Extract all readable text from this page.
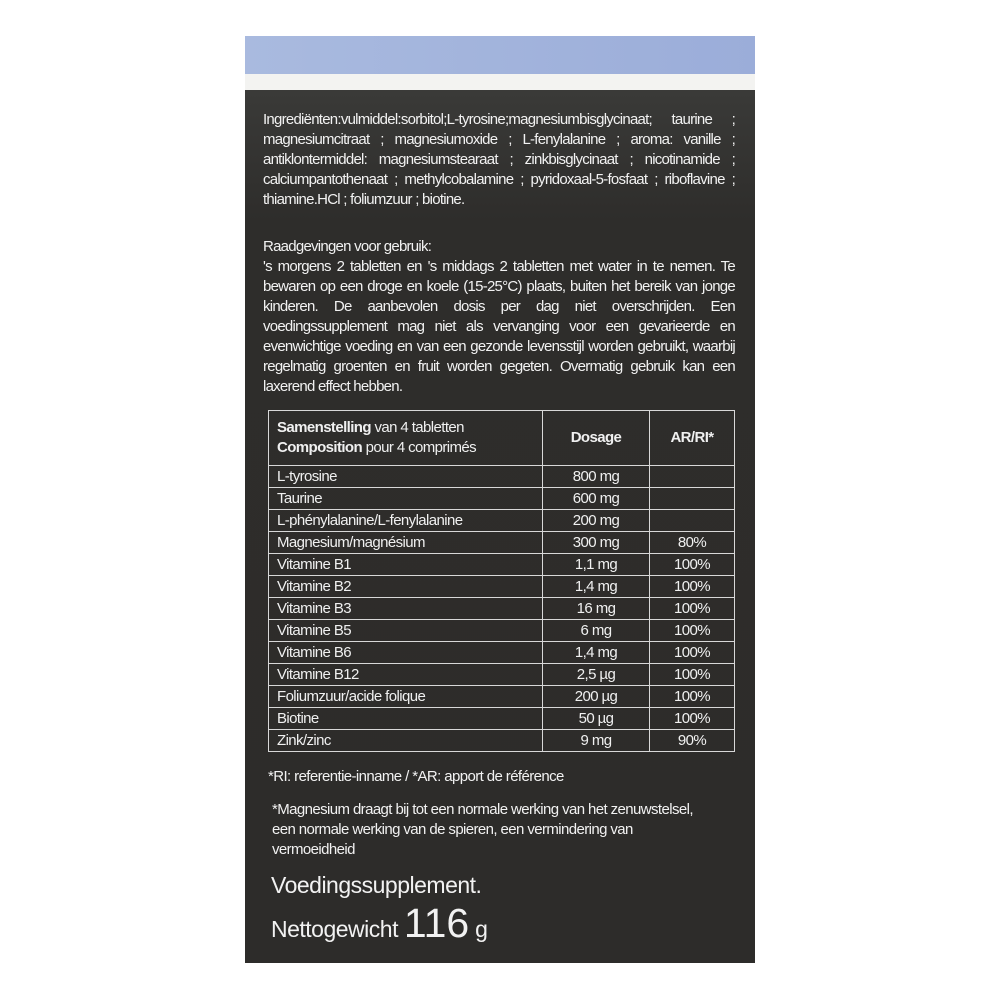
Ingrediënten:vulmiddel:sorbitol;L-tyrosine;magnesiumbisglycinaat; taurine ; magnesiumcitraat ; magnesiumoxide ; L-fenylalanine ; aroma: vanille ; antiklontermiddel: magnesiumstearaat ; zinkbisglycinaat ; nicotinamide ; calciumpantothenaat ; methylcobalamine ; pyridoxaal-5-fosfaat ; riboflavine ; thiamine.HCl ; foliumzuur ; biotine.
Raadgevingen voor gebruik:
's morgens 2 tabletten en 's middags 2 tabletten met water in te nemen. Te bewaren op een droge en koele (15-25°C) plaats, buiten het bereik van jonge kinderen. De aanbevolen dosis per dag niet overschrijden. Een voedingssupplement mag niet als vervanging voor een gevarieerde en evenwichtige voeding en van een gezonde levensstijl worden gebruikt, waarbij regelmatig groenten en fruit worden gegeten. Overmatig gebruik kan een laxerend effect hebben.
Samenstelling van 4 tabletten
Composition pour 4 comprimés	Dosage	AR/RI*
L-tyrosine	800 mg	
Taurine	600 mg	
L-phénylalanine/L-fenylalanine	200 mg	
Magnesium/magnésium	300 mg	80%
Vitamine B1	1,1 mg	100%
Vitamine B2	1,4 mg	100%
Vitamine B3	16 mg	100%
Vitamine B5	6 mg	100%
Vitamine B6	1,4 mg	100%
Vitamine B12	2,5 µg	100%
Foliumzuur/acide folique	200 µg	100%
Biotine	50 µg	100%
Zink/zinc	9 mg	90%
*RI: referentie-inname / *AR: apport de référence
*Magnesium draagt bij tot een normale werking van het zenuwstelsel, een normale werking van de spieren, een vermindering van vermoeidheid
Voedingssupplement.
Nettogewicht 116 g
